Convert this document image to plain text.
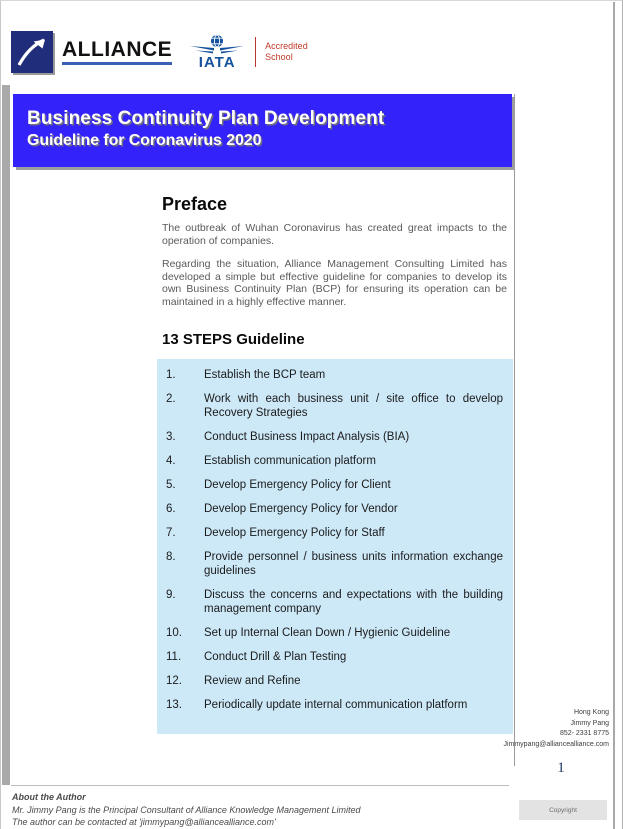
ALLIANCE
IATA
Accredited
School
Business Continuity Plan Development
Guideline for Coronavirus 2020
Preface
The outbreak of Wuhan Coronavirus has created great impacts to the operation of companies.
Regarding the situation, Alliance Management Consulting Limited has developed a simple but effective guideline for companies to develop its own Business Continuity Plan (BCP) for ensuring its operation can be maintained in a highly effective manner.
13 STEPS Guideline
1.	Establish the BCP team
2.	Work with each business unit / site office to develop Recovery Strategies
3.	Conduct Business Impact Analysis (BIA)
4.	Establish communication platform
5.	Develop Emergency Policy for Client
6.	Develop Emergency Policy for Vendor
7.	Develop Emergency Policy for Staff
8.	Provide personnel / business units information exchange guidelines
9.	Discuss the concerns and expectations with the building management company
10.	Set up Internal Clean Down / Hygienic Guideline
11.	Conduct Drill & Plan Testing
12.	Review and Refine
13.	Periodically update internal communication platform
Hong Kong
Jimmy Pang
852- 2331 8775
Jimmypang@alliancealliance.com
1
Copyright
About the Author
Mr. Jimmy Pang is the Principal Consultant of Alliance Knowledge Management Limited
The author can be contacted at 'jimmypang@alliancealliance.com'
